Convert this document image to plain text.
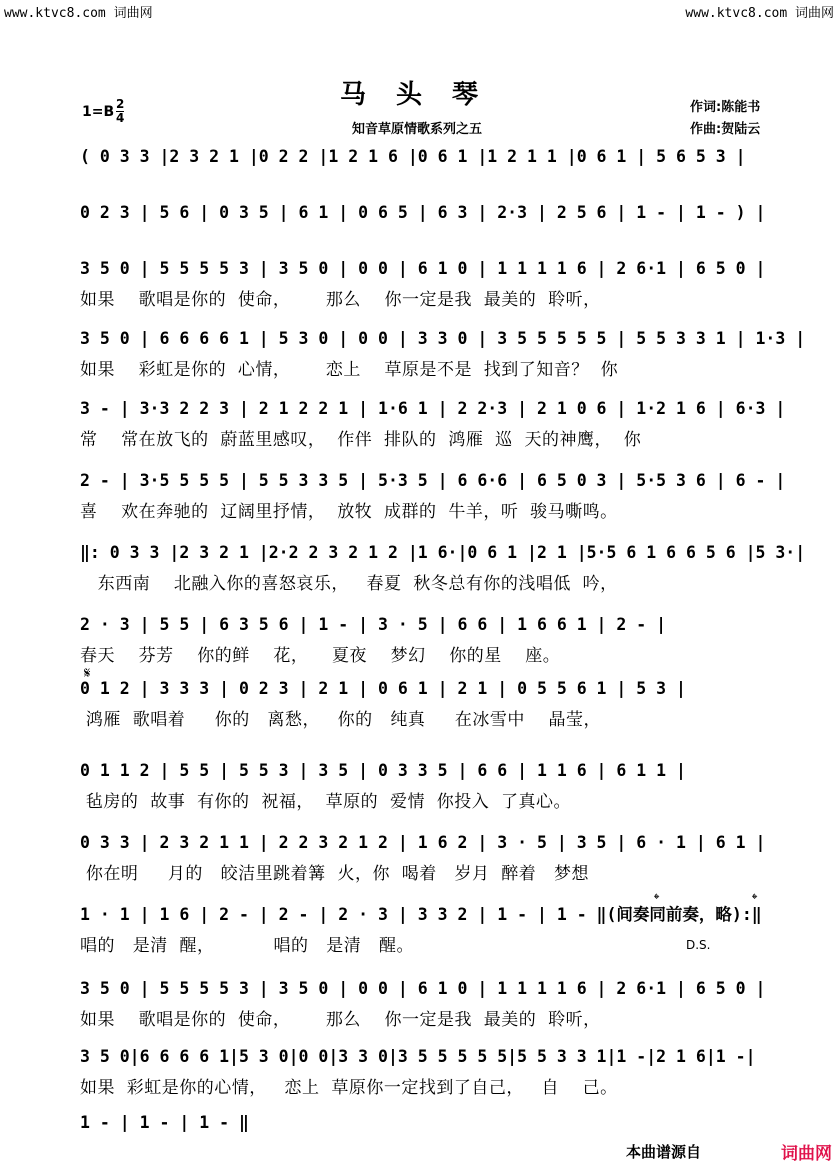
www.ktvc8.com 词曲网	www.ktvc8.com 词曲网
马头琴
知音草原情歌系列之五
1=B 2
4
作词:陈能书
作曲:贺陆云
( 0 3 3 |2 3 2 1 |0 2 2 |1 2 1 6 |0 6 1 |1 2 1 1 |0 6 1 | 5 6 5 3 |
0 2 3 | 5 6 | 0 3 5 | 6 1 | 0 6 5 | 6 3 | 2·3 | 2 5 6 | 1 - | 1 - ) |
3 5 0 | 5 5 5 5 3 | 3 5 0 | 0 0 | 6 1 0 | 1 1 1 1 6 | 2 6·1 | 6 5 0 |
如果    歌唱是你的  使命，      那么    你一定是我  最美的  聆听，
3 5 0 | 6 6 6 6 1 | 5 3 0 | 0 0 | 3 3 0 | 3 5 5 5 5 5 | 5 5 3 3 1 | 1·3 |
如果    彩虹是你的  心情，      恋上    草原是不是  找到了知音？  你
3 - | 3·3 2 2 3 | 2 1 2 2 1 | 1·6 1 | 2 2·3 | 2 1 0 6 | 1·2 1 6 | 6·3 |
常    常在放飞的  蔚蓝里感叹，  作伴  排队的  鸿雁  巡  天的神鹰，  你
2 - | 3·5 5 5 5 | 5 5 3 3 5 | 5·3 5 | 6 6·6 | 6 5 0 3 | 5·5 3 6 | 6 - |
喜    欢在奔驰的  辽阔里抒情，  放牧  成群的  牛羊，听  骏马嘶鸣。
‖: 0 3 3 |2 3 2 1 |2·2 2 3 2 1 2 |1 6·|0 6 1 |2 1 |5·5 6 1 6 6 5 6 |5 3·|
东西南    北融入你的喜怒哀乐，   春夏  秋冬总有你的浅唱低  吟，
2 · 3 | 5 5 | 6 3 5 6 | 1 - | 3 · 5 | 6 6 | 1 6 6 1 | 2 - |
春天    芬芳    你的鲜    花，    夏夜    梦幻    你的星    座。
𝄋
0 1 2 | 3 3 3 | 0 2 3 | 2 1 | 0 6 1 | 2 1 | 0 5 5 6 1 | 5 3 |
鸿雁  歌唱着     你的   离愁，   你的   纯真     在冰雪中    晶莹，
0 1 1 2 | 5 5 | 5 5 3 | 3 5 | 0 3 3 5 | 6 6 | 1 1 6 | 6 1 1 |
毡房的  故事  有你的  祝福，  草原的  爱情  你投入  了真心。
0 3 3 | 2 3 2 1 1 | 2 2 3 2 1 2 | 1 6 2 | 3 · 5 | 3 5 | 6 · 1 | 6 1 |
你在明     月的   皎洁里跳着篝  火，你  喝着   岁月  醉着   梦想
𝄌	𝄌
1 · 1 | 1 6 | 2 - | 2 - | 2 · 3 | 3 3 2 | 1 - | 1 - ‖(间奏同前奏，略):‖
唱的   是清  醒，          唱的   是清   醒。	D.S.
3 5 0 | 5 5 5 5 3 | 3 5 0 | 0 0 | 6 1 0 | 1 1 1 1 6 | 2 6·1 | 6 5 0 |
如果    歌唱是你的  使命，      那么    你一定是我  最美的  聆听，
3 5 0|6 6 6 6 1|5 3 0|0 0|3 3 0|3 5 5 5 5 5|5 5 3 3 1|1 -|2 1 6|1 -|
如果  彩虹是你的心情，   恋上  草原你一定找到了自己，   自    己。
1 - | 1 - | 1 - ‖
本曲谱源自	词曲网
